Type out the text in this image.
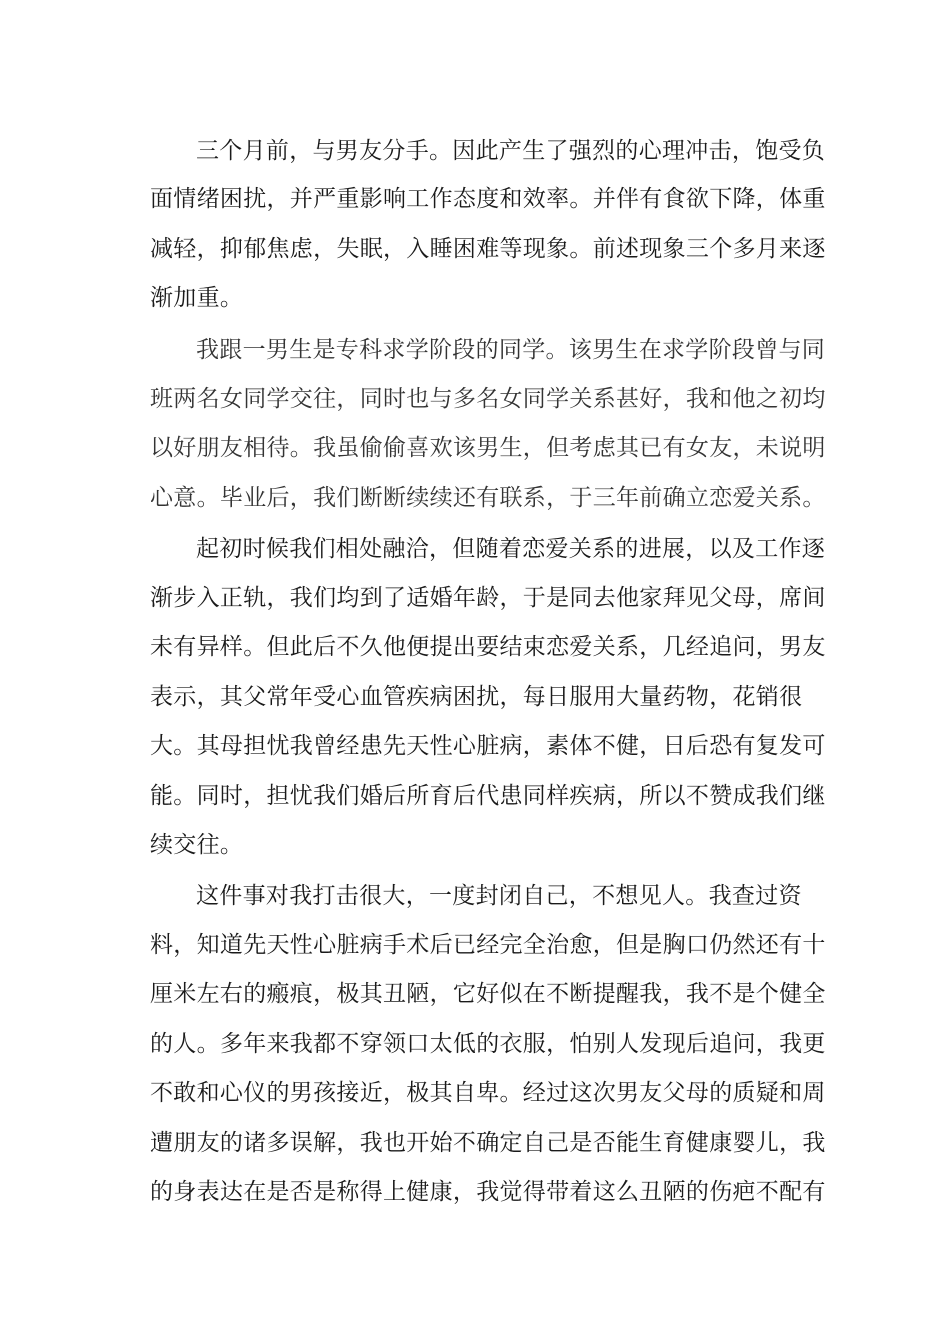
三个月前，与男友分手。因此产生了强烈的心理冲击，饱受负
面情绪困扰，并严重影响工作态度和效率。并伴有食欲下降，体重
减轻，抑郁焦虑，失眠，入睡困难等现象。前述现象三个多月来逐
渐加重。
我跟一男生是专科求学阶段的同学。该男生在求学阶段曾与同
班两名女同学交往，同时也与多名女同学关系甚好，我和他之初均
以好朋友相待。我虽偷偷喜欢该男生，但考虑其已有女友，未说明
心意。毕业后，我们断断续续还有联系，于三年前确立恋爱关系。
起初时候我们相处融洽，但随着恋爱关系的进展，以及工作逐
渐步入正轨，我们均到了适婚年龄，于是同去他家拜见父母，席间
未有异样。但此后不久他便提出要结束恋爱关系，几经追问，男友
表示，其父常年受心血管疾病困扰，每日服用大量药物，花销很
大。其母担忧我曾经患先天性心脏病，素体不健，日后恐有复发可
能。同时，担忧我们婚后所育后代患同样疾病，所以不赞成我们继
续交往。
这件事对我打击很大，一度封闭自己，不想见人。我查过资
料，知道先天性心脏病手术后已经完全治愈，但是胸口仍然还有十
厘米左右的瘢痕，极其丑陋，它好似在不断提醒我，我不是个健全
的人。多年来我都不穿领口太低的衣服，怕别人发现后追问，我更
不敢和心仪的男孩接近，极其自卑。经过这次男友父母的质疑和周
遭朋友的诸多误解，我也开始不确定自己是否能生育健康婴儿，我
的身表达在是否是称得上健康，我觉得带着这么丑陋的伤疤不配有
